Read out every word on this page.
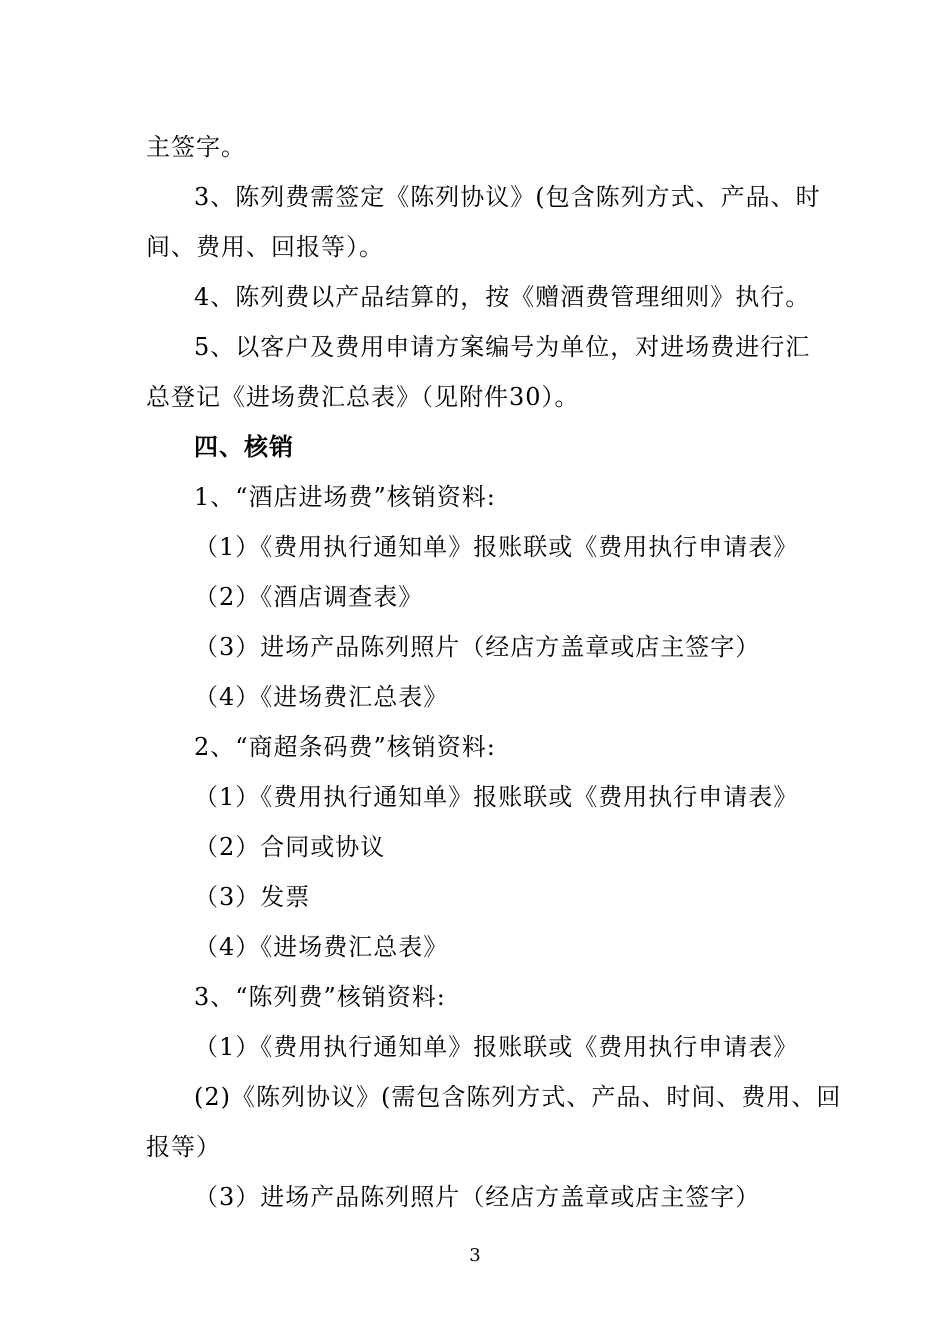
主签字。
3、陈列费需签定《陈列协议》(包含陈列方式、产品、时
间、费用、回报等）。
4、陈列费以产品结算的，按《赠酒费管理细则》执行。
5、以客户及费用申请方案编号为单位，对进场费进行汇
总登记《进场费汇总表》（见附件30）。
四、核销
1、“酒店进场费”核销资料:
（1）《费用执行通知单》报账联或《费用执行申请表》
（2）《酒店调查表》
（3）进场产品陈列照片（经店方盖章或店主签字）
（4）《进场费汇总表》
2、“商超条码费”核销资料:
（1）《费用执行通知单》报账联或《费用执行申请表》
（2）合同或协议
（3）发票
（4）《进场费汇总表》
3、“陈列费”核销资料:
（1）《费用执行通知单》报账联或《费用执行申请表》
(2)《陈列协议》(需包含陈列方式、产品、时间、费用、回
报等）
（3）进场产品陈列照片（经店方盖章或店主签字）
3
